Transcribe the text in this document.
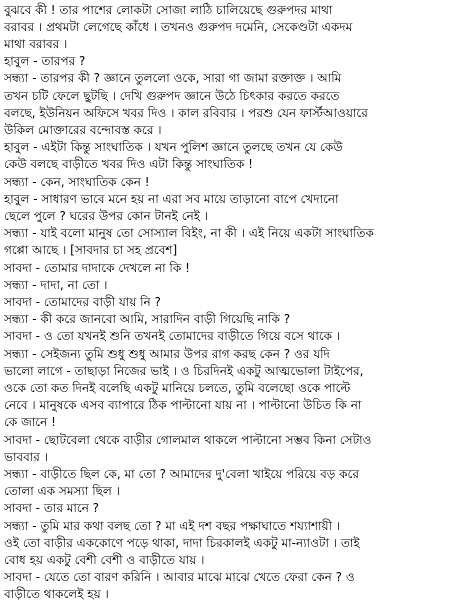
বুঝবে কী ! তার পাশের লোকটা সোজা লাঠি চালিয়েছে গুরুপদর মাথা
বরাবর । প্রথমটা লেগেছে কাঁধে । তখনও গুরুপদ দমেনি, সেকেণ্ডটা একদম
মাথা বরাবর ।
হাবুল - তারপর ?
সন্ধ্যা - তারপর কী ? জ্ঞানে তুললো ওকে, সারা গা জামা রক্তাক্ত । আমি
তখন চটি ফেলে ছুটছি । দেখি গুরুপদ জ্ঞানে উঠে চিৎকার করতে করতে
বলছে, ইউনিয়ন অফিসে খবর দিও । কাল রবিবার । পরশু যেন ফার্স্টআওয়ারে
উকিল মোক্তারের বন্দোবস্ত করে ।
হাবুল - এইটা কিন্তু সাংঘাতিক । যখন পুলিশ জ্ঞানে তুলছে তখন যে কেউ
কেউ বলছে বাড়ীতে খবর দিও এটা কিন্তু সাংঘাতিক !
সন্ধ্যা - কেন, সাংঘাতিক কেন !
হাবুল - সাধারণ ভাবে মনে হয় না এরা সব মায়ে তাড়ানো বাপে খেদানো
ছেলে পুলে ? ঘরের উপর কোন টানই নেই ।
সন্ধ্যা - যাই বলো মানুষ তো সোস্যাল বিইং, না কী । এই নিয়ে একটা সাংঘাতিক
গপ্পো আছে । [সাবদার চা সহ প্রবেশ]
সাবদা - তোমার দাদাকে দেখলে না কি !
সন্ধ্যা - দাদা, না তো ।
সাবদা - তোমাদের বাড়ী যায় নি ?
সন্ধ্যা - কী করে জানবো আমি, সারাদিন বাড়ী গিয়েছি নাকি ?
সাবদা - ও তো যখনই শুনি তখনই তোমাদের বাড়ীতে গিয়ে বসে থাকে ।
সন্ধ্যা - সেইজন্য তুমি শুধু শুধু আমার উপর রাগ করছ কেন ? ওর যদি
ভালো লাগে - তাছাড়া নিজের ভাই । ও চিরদিনই একটু আত্মভোলা টাইপের,
ওকে তো কত দিনই বলেছি একটু মানিয়ে চলতে, তুমি বলেছো ওকে পাল্টে
নেবে । মানুষকে এসব ব্যাপারে ঠিক পাল্টানো যায় না । পাল্টানো উচিত কি না
কে জানে !
সাবদা - ছোটবেলা থেকে বাড়ীর গোলমাল থাকলে পাল্টানো সম্ভব কিনা সেটাও
ভাববার ।
সন্ধ্যা - বাড়ীতে ছিল কে, মা তো ? আমাদের দু'বেলা খাইয়ে পরিয়ে বড় করে
তোলা এক সমস্যা ছিল ।
সাবদা - তার মানে ?
সন্ধ্যা - তুমি মার কথা বলছ তো ? মা এই দশ বছর পক্ষাঘাতে শয্যাশায়ী ।
ওই তো বাড়ীর এককোণে পড়ে থাকা, দাদা চিরকালই একটু মা-ন্যাওটা । তাই
বোধ হয় একটু বেশী বেশী ও বাড়ীতে যায় ।
সাবদা - যেতে তো বারণ করিনি । আবার মাঝে মাঝে খেতে ফেরা কেন ? ও
বাড়ীতে থাকলেই হয় ।
